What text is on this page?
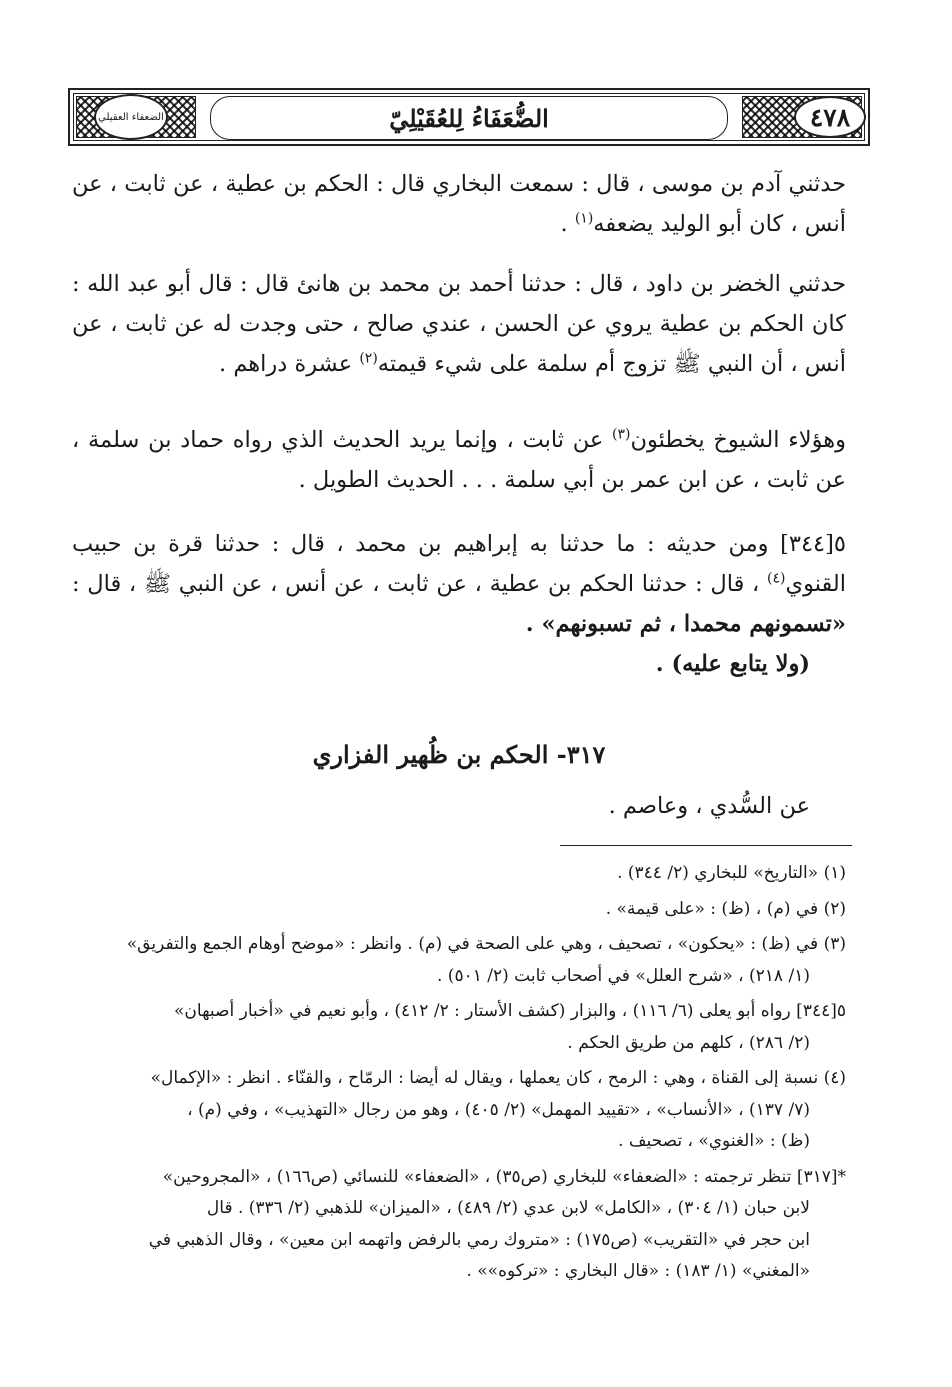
الضعفاء العقيلي	الضُّعَفَاءُ لِلعُقَيْلِيّ	٤٧٨

حدثني آدم بن موسى ، قال : سمعت البخاري قال : الحكم بن عطية ، عن ثابت ، عن أنس ، كان أبو الوليد يضعفه$^{(١)}$ .

حدثني الخضر بن داود ، قال : حدثنا أحمد بن محمد بن هانئ قال : قال أبو عبد الله : كان الحكم بن عطية يروي عن الحسن ، عندي صالح ، حتى وجدت له عن ثابت ، عن أنس ، أن النبي ﷺ تزوج أم سلمة على شيء قيمته$^{(٢)}$ عشرة دراهم .

وهؤلاء الشيوخ يخطئون$^{(٣)}$ عن ثابت ، وإنما يريد الحديث الذي رواه حماد بن سلمة ، عن ثابت ، عن ابن عمر بن أبي سلمة . . . الحديث الطويل .

٥[٣٤٤] ومن حديثه : ما حدثنا به إبراهيم بن محمد ، قال : حدثنا قرة بن حبيب القنوي$^{(٤)}$ ، قال : حدثنا الحكم بن عطية ، عن ثابت ، عن أنس ، عن النبي ﷺ ، قال : «تسمونهم محمدا ، ثم تسبونهم» .

(ولا يتابع عليه) .

٣١٧- الحكم بن ظُهير الفزاري

عن السُّدي ، وعاصم .

(١) «التاريخ» للبخاري (٢/ ٣٤٤) .

(٢) في (م) ، (ظ) : «على قيمة» .

(٣) في (ظ) : «يحكون» ، تصحيف ، وهي على الصحة في (م) . وانظر : «موضح أوهام الجمع والتفريق»
(١/ ٢١٨) ، «شرح العلل» في أصحاب ثابت (٢/ ٥٠١) .

٥[٣٤٤] رواه أبو يعلى (٦/ ١١٦) ، والبزار (كشف الأستار : ٢/ ٤١٢) ، وأبو نعيم في «أخبار أصبهان»
(٢/ ٢٨٦) ، كلهم من طريق الحكم .

(٤) نسبة إلى القناة ، وهي : الرمح ، كان يعملها ، ويقال له أيضا : الرمّاح ، والقنّاء . انظر : «الإكمال»
(٧/ ١٣٧) ، «الأنساب» ، «تقييد المهمل» (٢/ ٤٠٥) ، وهو من رجال «التهذيب» ، وفي (م) ،
(ظ) : «الغنوي» ، تصحيف .

*[٣١٧] تنظر ترجمته : «الضعفاء» للبخاري (ص٣٥) ، «الضعفاء» للنسائي (ص١٦٦) ، «المجروحين»
لابن حبان (١/ ٣٠٤) ، «الكامل» لابن عدي (٢/ ٤٨٩) ، «الميزان» للذهبي (٢/ ٣٣٦) . قال
ابن حجر في «التقريب» (ص١٧٥) : «متروك رمي بالرفض واتهمه ابن معين» ، وقال الذهبي في
«المغني» (١/ ١٨٣) : «قال البخاري : «تركوه»» .
